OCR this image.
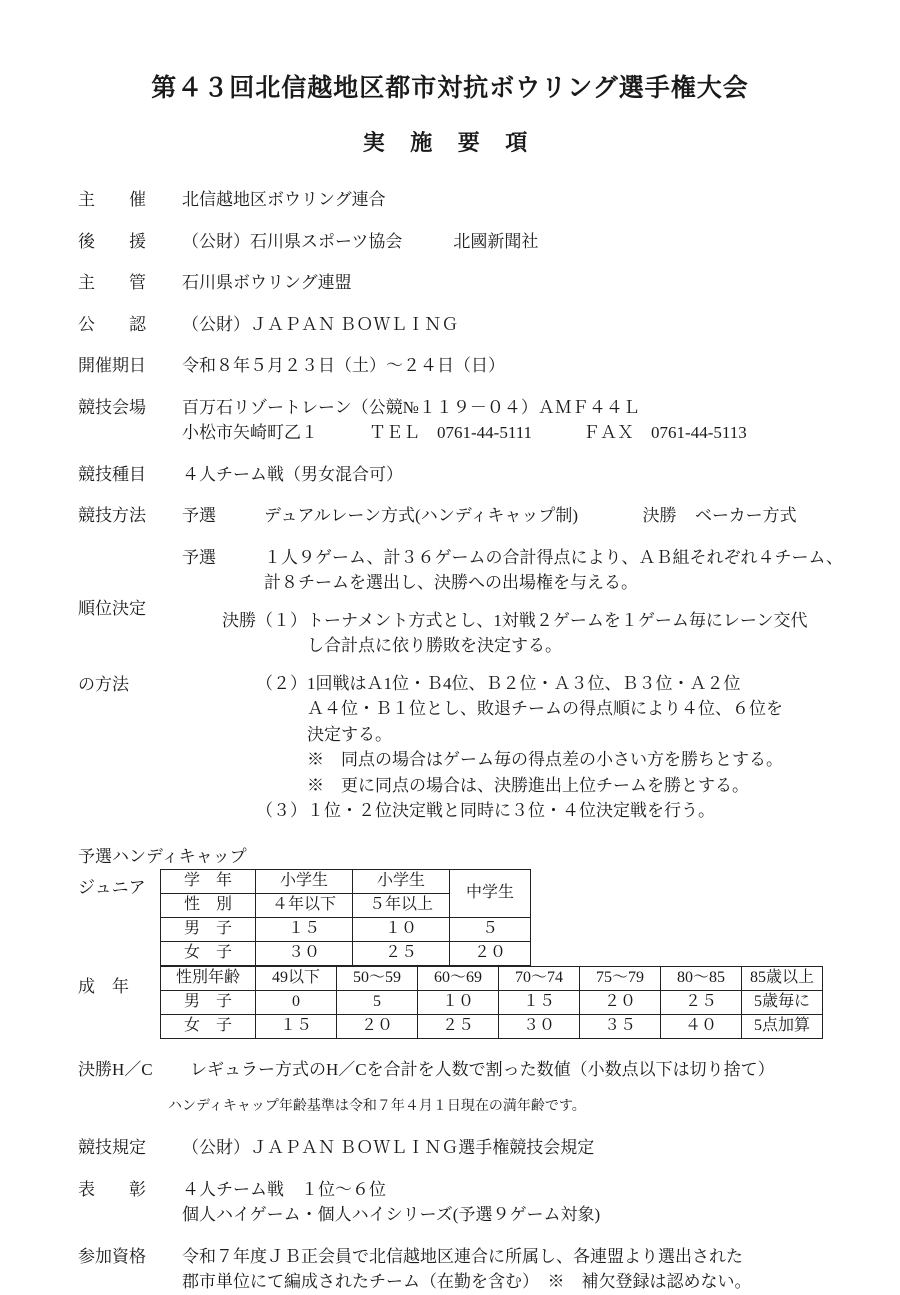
第４３回北信越地区都市対抗ボウリング選手権大会
実 施 要 項
主　　催	北信越地区ボウリング連合
後　　援	（公財）石川県スポーツ協会　　　北國新聞社
主　　管	石川県ボウリング連盟
公　　認	（公財）ＪＡＰＡＮ ＢＯＷＬＩＮＧ
開催期日	令和８年５月２３日（土）～２４日（日）
競技会場	百万石リゾートレーン（公競№１１９－０４）ＡＭＦ４４Ｌ
小松市矢崎町乙１　　　ＴＥＬ　0761-44-5111　　　ＦＡＸ　0761-44-5113
競技種目	４人チーム戦（男女混合可）
競技方法	予選	デュアルレーン方式(ハンディキャップ制)	決勝 ベーカー方式

順位決定

の方法

予選	１人９ゲーム、計３６ゲームの合計得点により、ＡＢ組それぞれ４チーム、
計８チームを選出し、決勝への出場権を与える。
決勝 （１） トーナメント方式とし、1対戦２ゲームを１ゲーム毎にレーン交代
し合計点に依り勝敗を決定する。
（２） 1回戦はＡ1位・Ｂ4位、Ｂ２位・Ａ３位、Ｂ３位・Ａ２位
Ａ４位・Ｂ１位とし、敗退チームの得点順により４位、６位を
決定する。
※　同点の場合はゲーム毎の得点差の小さい方を勝ちとする。
※　更に同点の場合は、決勝進出上位チームを勝とする。
（３） １位・２位決定戦と同時に３位・４位決定戦を行う。
予選ハンディキャップ
ジュニア	学　年	小学生	小学生	中学生
性　別	４年以下	５年以上	
男　子	１５	１０	５
女　子	３０	２５	２０
成　年	性別年齢	49以下	50～59	60～69	70～74	75～79	80～85	85歳以上
男　子	0	5	１０	１５	２０	２５	5歳毎に
女　子	１５	２０	２５	３０	３５	４０	5点加算
決勝H／C	レギュラー方式のH／Cを合計を人数で割った数値（小数点以下は切り捨て）
ハンディキャップ年齢基準は令和７年４月１日現在の満年齢です。
競技規定	（公財）ＪＡＰＡＮ ＢＯＷＬＩＮＧ選手権競技会規定
表　　彰	４人チーム戦　１位～６位
個人ハイゲーム・個人ハイシリーズ(予選９ゲーム対象)
参加資格	令和７年度ＪＢ正会員で北信越地区連合に所属し、各連盟より選出された
郡市単位にて編成されたチーム（在勤を含む）　※　補欠登録は認めない。
